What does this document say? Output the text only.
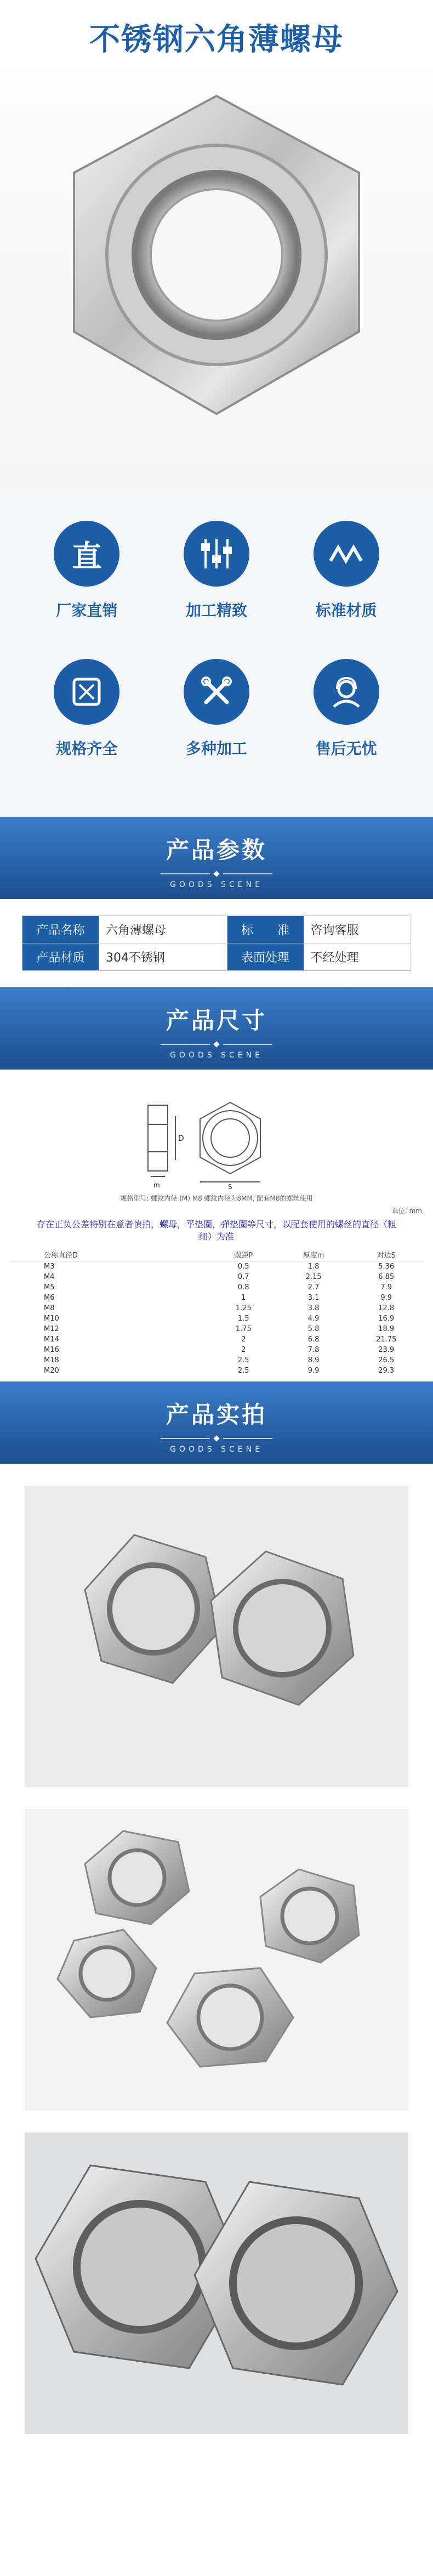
不锈钢六角薄螺母
直
厂家直销	加工精致	标准材质
规格齐全	多种加工	售后无忧
产品参数
GOODS SCENE
产品名称	六角薄螺母	标　　准	咨询客服
产品材质	304不锈钢	表面处理	不经处理
产品尺寸
GOODS SCENE
D
m	S
规格型号: 螺纹内径 (M) M8 螺纹内径为8MM, 配套M8的螺丝使用
单位: mm
存在正负公差特别在意者慎拍，螺母，平垫圈，弹垫圈等尺寸，以配套使用的螺丝的直径（粗细）为准
公称直径D	螺距P	厚度m	对边S
M3	0.5	1.8	5.36
M4	0.7	2.15	6.85
M5	0.8	2.7	7.9
M6	1	3.1	9.9
M8	1.25	3.8	12.8
M10	1.5	4.9	16.9
M12	1.75	5.8	18.9
M14	2	6.8	21.75
M16	2	7.8	23.9
M18	2.5	8.9	26.5
M20	2.5	9.9	29.3
产品实拍
GOODS SCENE
